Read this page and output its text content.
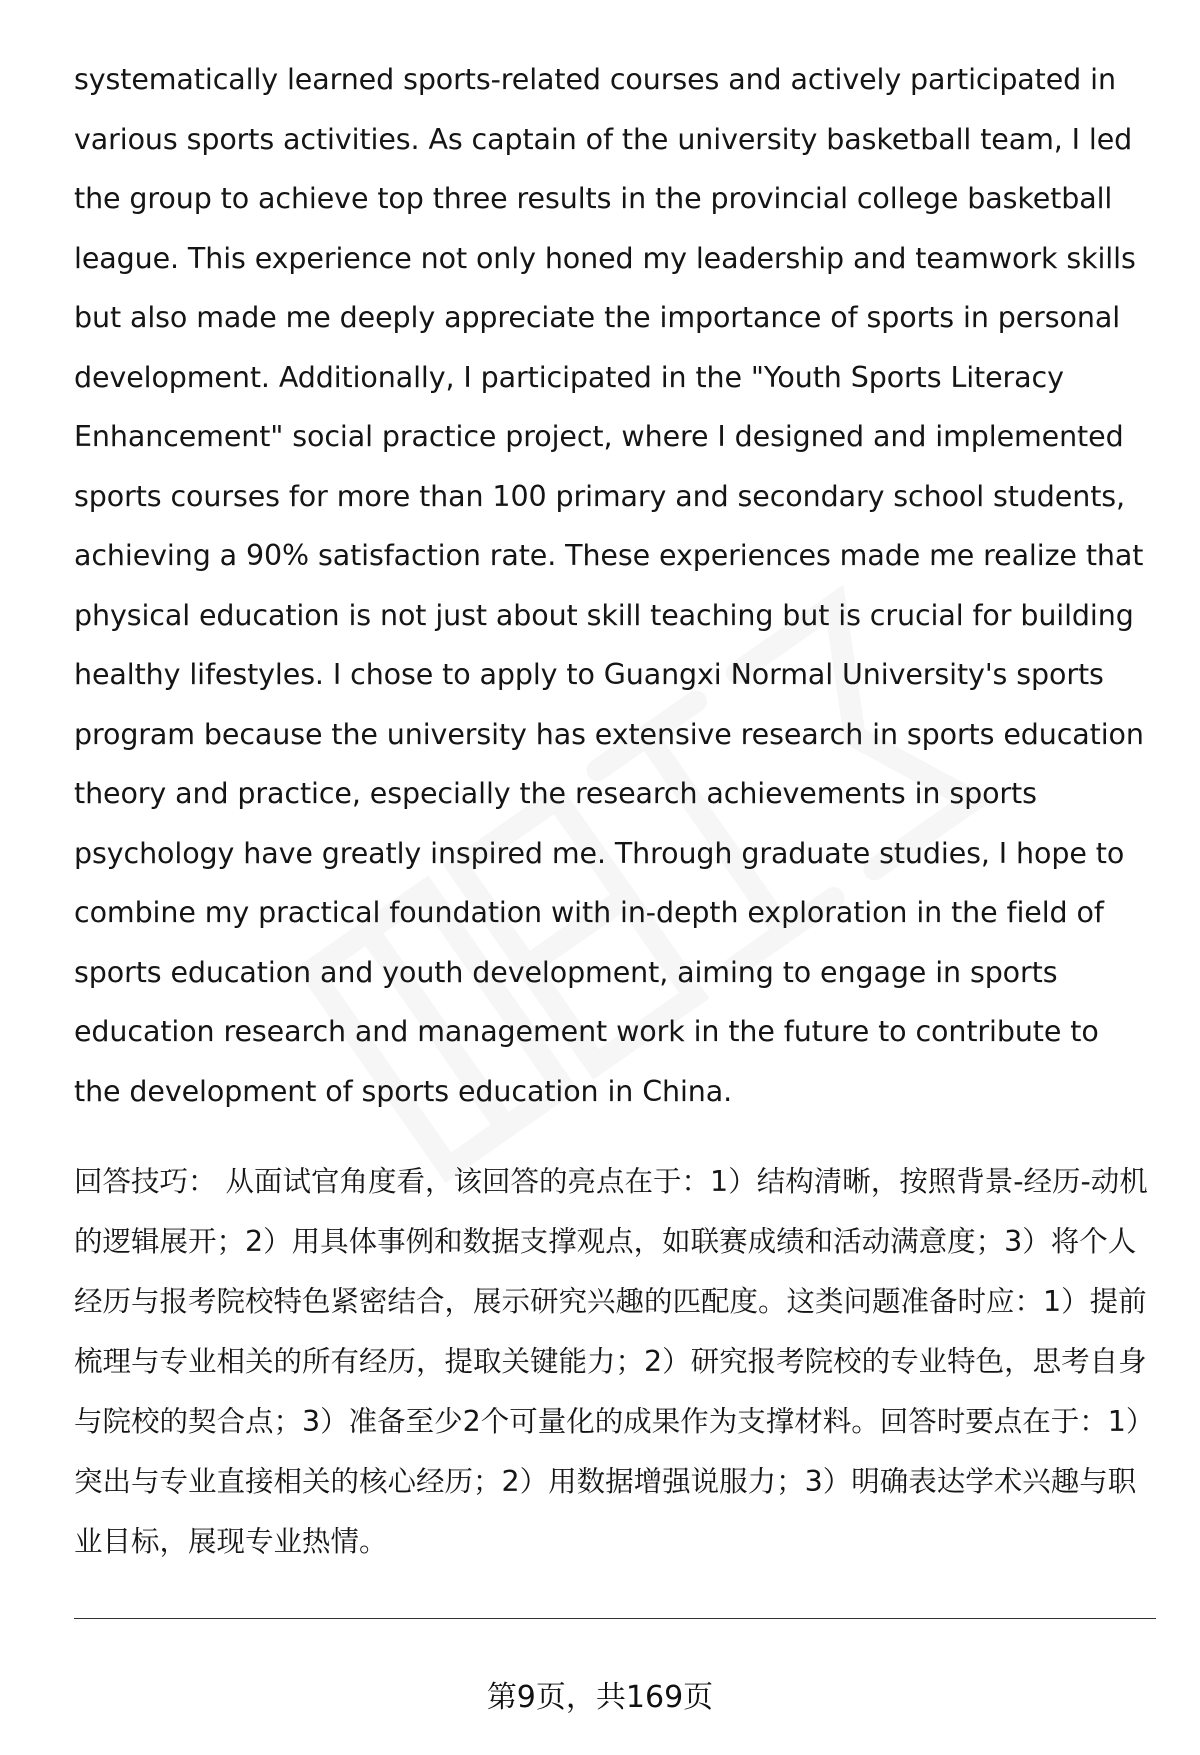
systematically learned sports-related courses and actively participated in various sports activities. As captain of the university basketball team, I led the group to achieve top three results in the provincial college basketball league. This experience not only honed my leadership and teamwork skills but also made me deeply appreciate the importance of sports in personal development. Additionally, I participated in the "Youth Sports Literacy Enhancement" social practice project, where I designed and implemented sports courses for more than 100 primary and secondary school students, achieving a 90% satisfaction rate. These experiences made me realize that physical education is not just about skill teaching but is crucial for building healthy lifestyles. I chose to apply to Guangxi Normal University's sports program because the university has extensive research in sports education theory and practice, especially the research achievements in sports psychology have greatly inspired me. Through graduate studies, I hope to combine my practical foundation with in-depth exploration in the field of sports education and youth development, aiming to engage in sports education research and management work in the future to contribute to the development of sports education in China.

回答技巧： 从面试官角度看，该回答的亮点在于：1）结构清晰，按照背景-经历-动机的逻辑展开；2）用具体事例和数据支撑观点，如联赛成绩和活动满意度；3）将个人经历与报考院校特色紧密结合，展示研究兴趣的匹配度。这类问题准备时应：1）提前梳理与专业相关的所有经历，提取关键能力；2）研究报考院校的专业特色，思考自身与院校的契合点；3）准备至少2个可量化的成果作为支撑材料。回答时要点在于：1）突出与专业直接相关的核心经历；2）用数据增强说服力；3）明确表达学术兴趣与职业目标，展现专业热情。

第9页，共169页
